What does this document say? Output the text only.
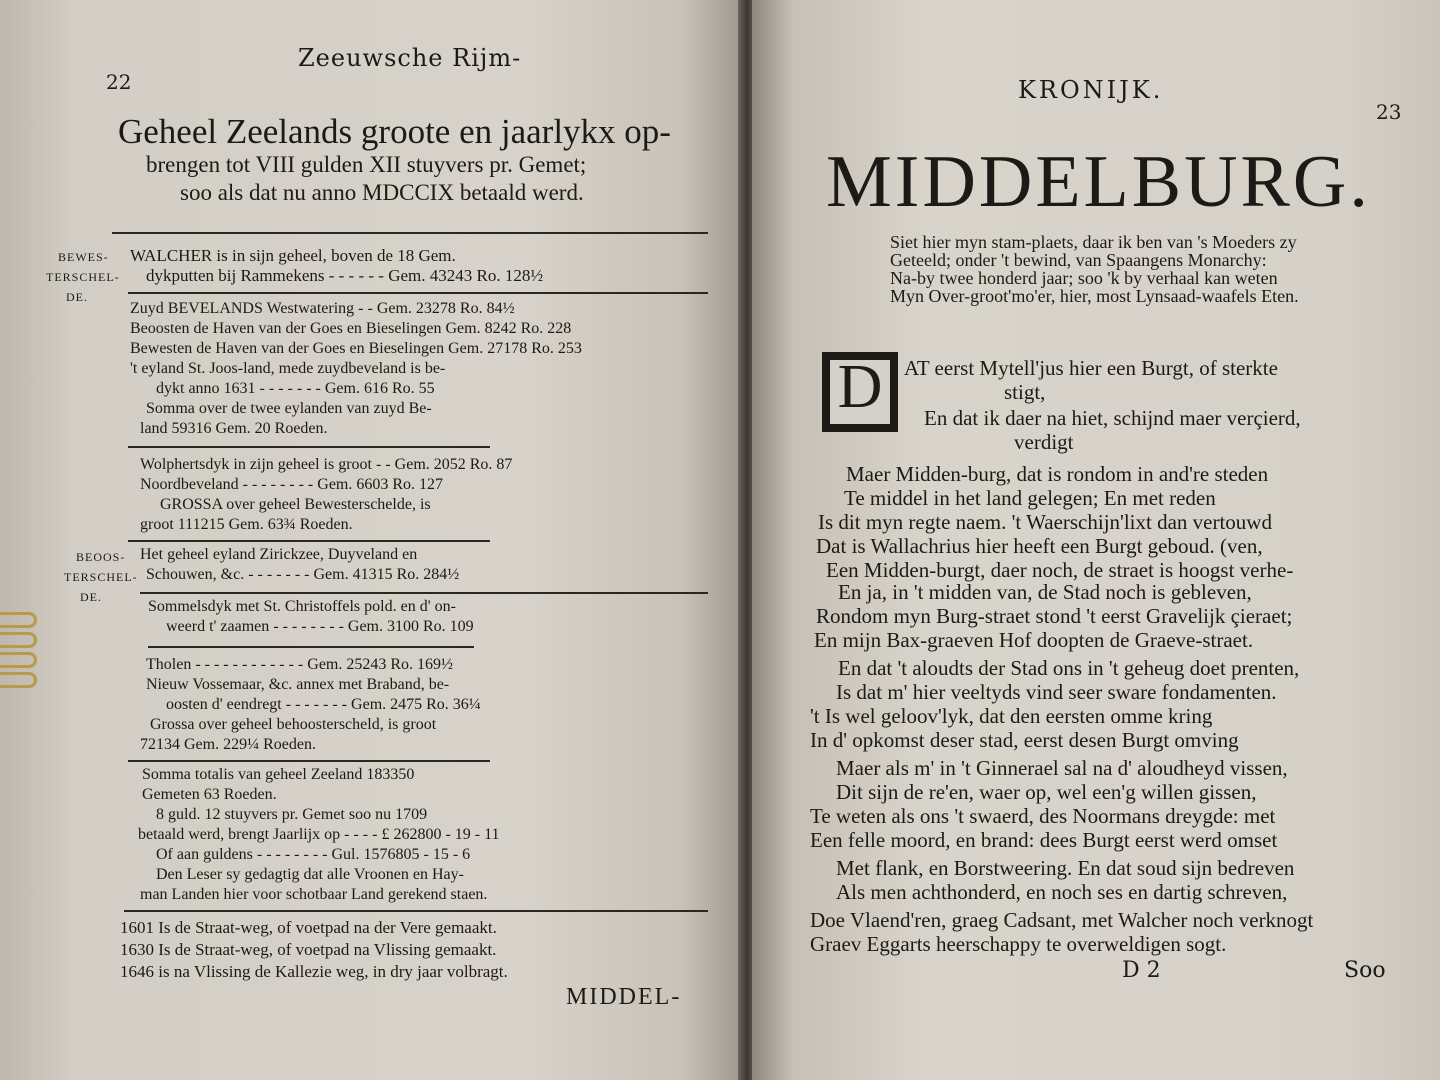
22
Zeeuwsche Rijm-
Geheel Zeelands groote en jaarlykx op-
brengen tot VIII gulden XII stuyvers pr. Gemet;
soo als dat nu anno MDCCIX betaald werd.
BEWES-
TERSCHEL-
DE.
WALCHER is in sijn geheel, boven de 18 Gem.
dykputten bij Rammekens - - - - - - Gem. 43243 Ro. 128½
Zuyd BEVELANDS Westwatering - - Gem. 23278 Ro. 84½
Beoosten de Haven van der Goes en Bieselingen Gem. 8242 Ro. 228
Bewesten de Haven van der Goes en Bieselingen Gem. 27178 Ro. 253
't eyland St. Joos-land, mede zuydbeveland is be-
dykt anno 1631 - - - - - - - Gem. 616 Ro. 55
Somma over de twee eylanden van zuyd Be-
land 59316 Gem. 20 Roeden.
Wolphertsdyk in zijn geheel is groot - - Gem. 2052 Ro. 87
Noordbeveland - - - - - - - - Gem. 6603 Ro. 127
GROSSA over geheel Bewesterschelde, is
groot 111215 Gem. 63¾ Roeden.
BEOOS-
TERSCHEL-
DE.
Het geheel eyland Zirickzee, Duyveland en
Schouwen, &c. - - - - - - - Gem. 41315 Ro. 284½
Sommelsdyk met St. Christoffels pold. en d' on-
weerd t' zaamen - - - - - - - - Gem. 3100 Ro. 109
Tholen - - - - - - - - - - - - Gem. 25243 Ro. 169½
Nieuw Vossemaar, &c. annex met Braband, be-
oosten d' eendregt - - - - - - - Gem. 2475 Ro. 36¼
Grossa over geheel behoosterscheld, is groot
72134 Gem. 229¼ Roeden.
Somma totalis van geheel Zeeland 183350
Gemeten 63 Roeden.
8 guld. 12 stuyvers pr. Gemet soo nu 1709
betaald werd, brengt Jaarlijx op - - - - £ 262800 - 19 - 11
Of aan guldens - - - - - - - - Gul. 1576805 - 15 - 6
Den Leser sy gedagtig dat alle Vroonen en Hay-
man Landen hier voor schotbaar Land gerekend staen.
1601 Is de Straat-weg, of voetpad na der Vere gemaakt.
1630 Is de Straat-weg, of voetpad na Vlissing gemaakt.
1646 is na Vlissing de Kallezie weg, in dry jaar volbragt.
MIDDEL-
KRONIJK.
23
MIDDELBURG.
Siet hier myn stam-plaets, daar ik ben van 's Moeders zy
Geteeld; onder 't bewind, van Spaangens Monarchy:
Na-by twee honderd jaar; soo 'k by verhaal kan weten
Myn Over-groot'mo'er, hier, most Lynsaad-waafels Eten.
D	AT eerst Mytell'jus hier een Burgt, of sterkte
stigt,
En dat ik daer na hiet, schijnd maer verçierd,
verdigt
Maer Midden-burg, dat is rondom in and're steden
Te middel in het land gelegen; En met reden
Is dit myn regte naem. 't Waerschijn'lixt dan vertouwd
Dat is Wallachrius hier heeft een Burgt geboud. (ven,
Een Midden-burgt, daer noch, de straet is hoogst verhe-
En ja, in 't midden van, de Stad noch is gebleven,
Rondom myn Burg-straet stond 't eerst Gravelijk çieraet;
En mijn Bax-graeven Hof doopten de Graeve-straet.
En dat 't aloudts der Stad ons in 't geheug doet prenten,
Is dat m' hier veeltyds vind seer sware fondamenten.
't Is wel geloov'lyk, dat den eersten omme kring
In d' opkomst deser stad, eerst desen Burgt omving
Maer als m' in 't Ginnerael sal na d' aloudheyd vissen,
Dit sijn de re'en, waer op, wel een'g willen gissen,
Te weten als ons 't swaerd, des Noormans dreygde: met
Een felle moord, en brand: dees Burgt eerst werd omset
Met flank, en Borstweering. En dat soud sijn bedreven
Als men achthonderd, en noch ses en dartig schreven,
Doe Vlaend'ren, graeg Cadsant, met Walcher noch verknogt
Graev Eggarts heerschappy te overweldigen sogt.
D 2	Soo
